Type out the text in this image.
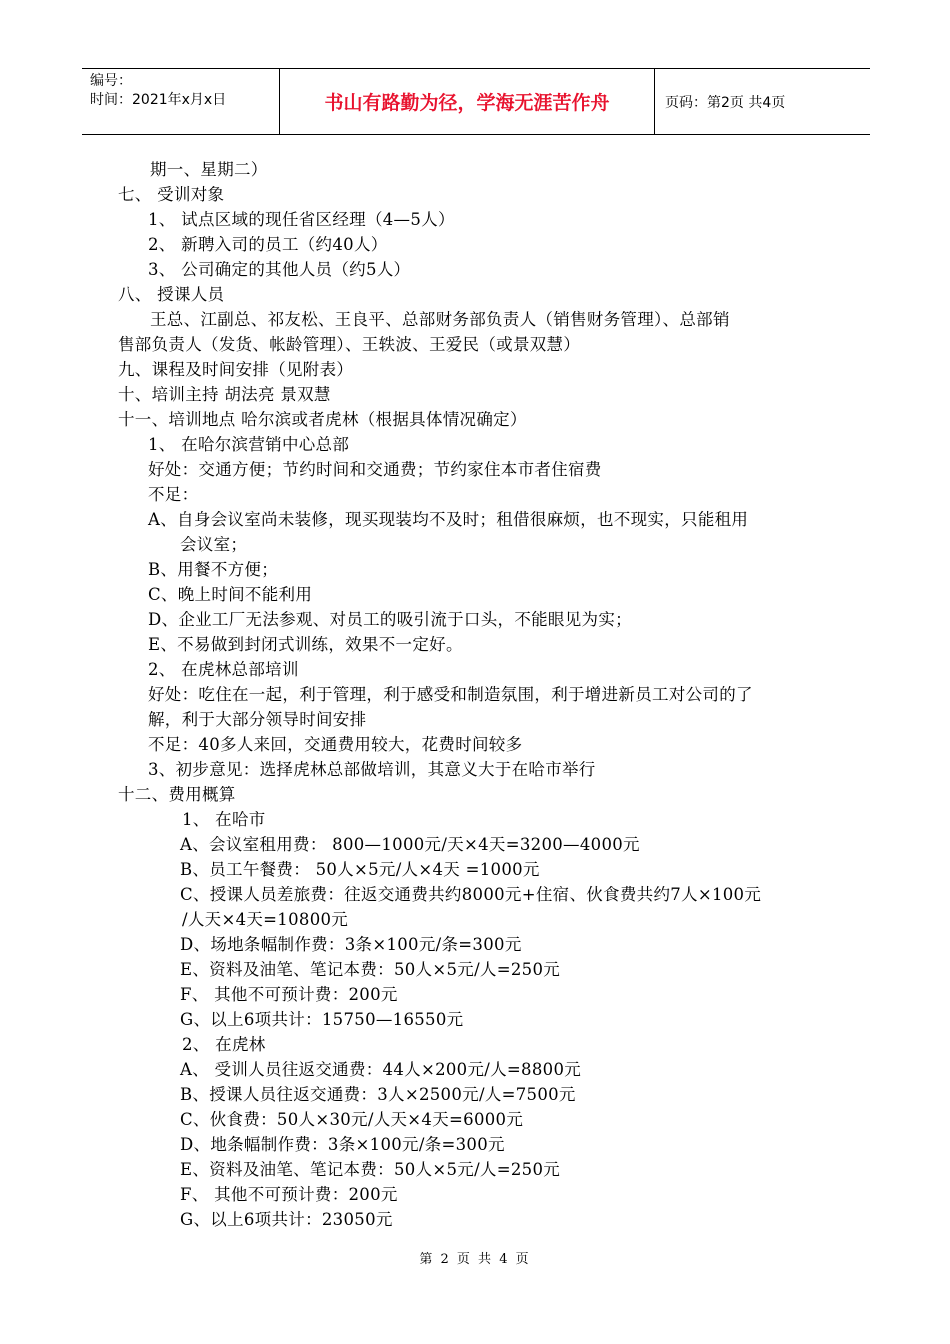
编号：
时间：2021年x月x日	书山有路勤为径，学海无涯苦作舟	页码：第2页 共4页
期一、星期二）
七、 受训对象
1、 试点区域的现任省区经理（4—5人）
2、 新聘入司的员工（约40人）
3、 公司确定的其他人员（约5人）
八、 授课人员
王总、江副总、祁友松、王良平、总部财务部负责人（销售财务管理）、总部销
售部负责人（发货、帐龄管理）、王轶波、王爱民（或景双慧）
九、课程及时间安排（见附表）
十、培训主持 胡法亮 景双慧
十一、培训地点 哈尔滨或者虎林（根据具体情况确定）
1、 在哈尔滨营销中心总部
好处：交通方便；节约时间和交通费；节约家住本市者住宿费
不足：
A、自身会议室尚未装修，现买现装均不及时；租借很麻烦，也不现实，只能租用
会议室；
B、用餐不方便；
C、晚上时间不能利用
D、企业工厂无法参观、对员工的吸引流于口头，不能眼见为实；
E、不易做到封闭式训练，效果不一定好。
2、 在虎林总部培训
好处：吃住在一起，利于管理，利于感受和制造氛围，利于增进新员工对公司的了
解，利于大部分领导时间安排
不足：40多人来回，交通费用较大，花费时间较多
3、初步意见：选择虎林总部做培训，其意义大于在哈市举行
十二、费用概算
1、 在哈市
A、会议室租用费： 800—1000元/天×4天=3200—4000元
B、员工午餐费： 50人×5元/人×4天 =1000元
C、授课人员差旅费：往返交通费共约8000元+住宿、伙食费共约7人×100元
/人天×4天=10800元
D、场地条幅制作费：3条×100元/条=300元
E、资料及油笔、笔记本费：50人×5元/人=250元
F、 其他不可预计费：200元
G、以上6项共计：15750—16550元
2、 在虎林
A、 受训人员往返交通费：44人×200元/人=8800元
B、授课人员往返交通费：3人×2500元/人=7500元
C、伙食费：50人×30元/人天×4天=6000元
D、地条幅制作费：3条×100元/条=300元
E、资料及油笔、笔记本费：50人×5元/人=250元
F、 其他不可预计费：200元
G、以上6项共计：23050元
第 2 页 共 4 页
